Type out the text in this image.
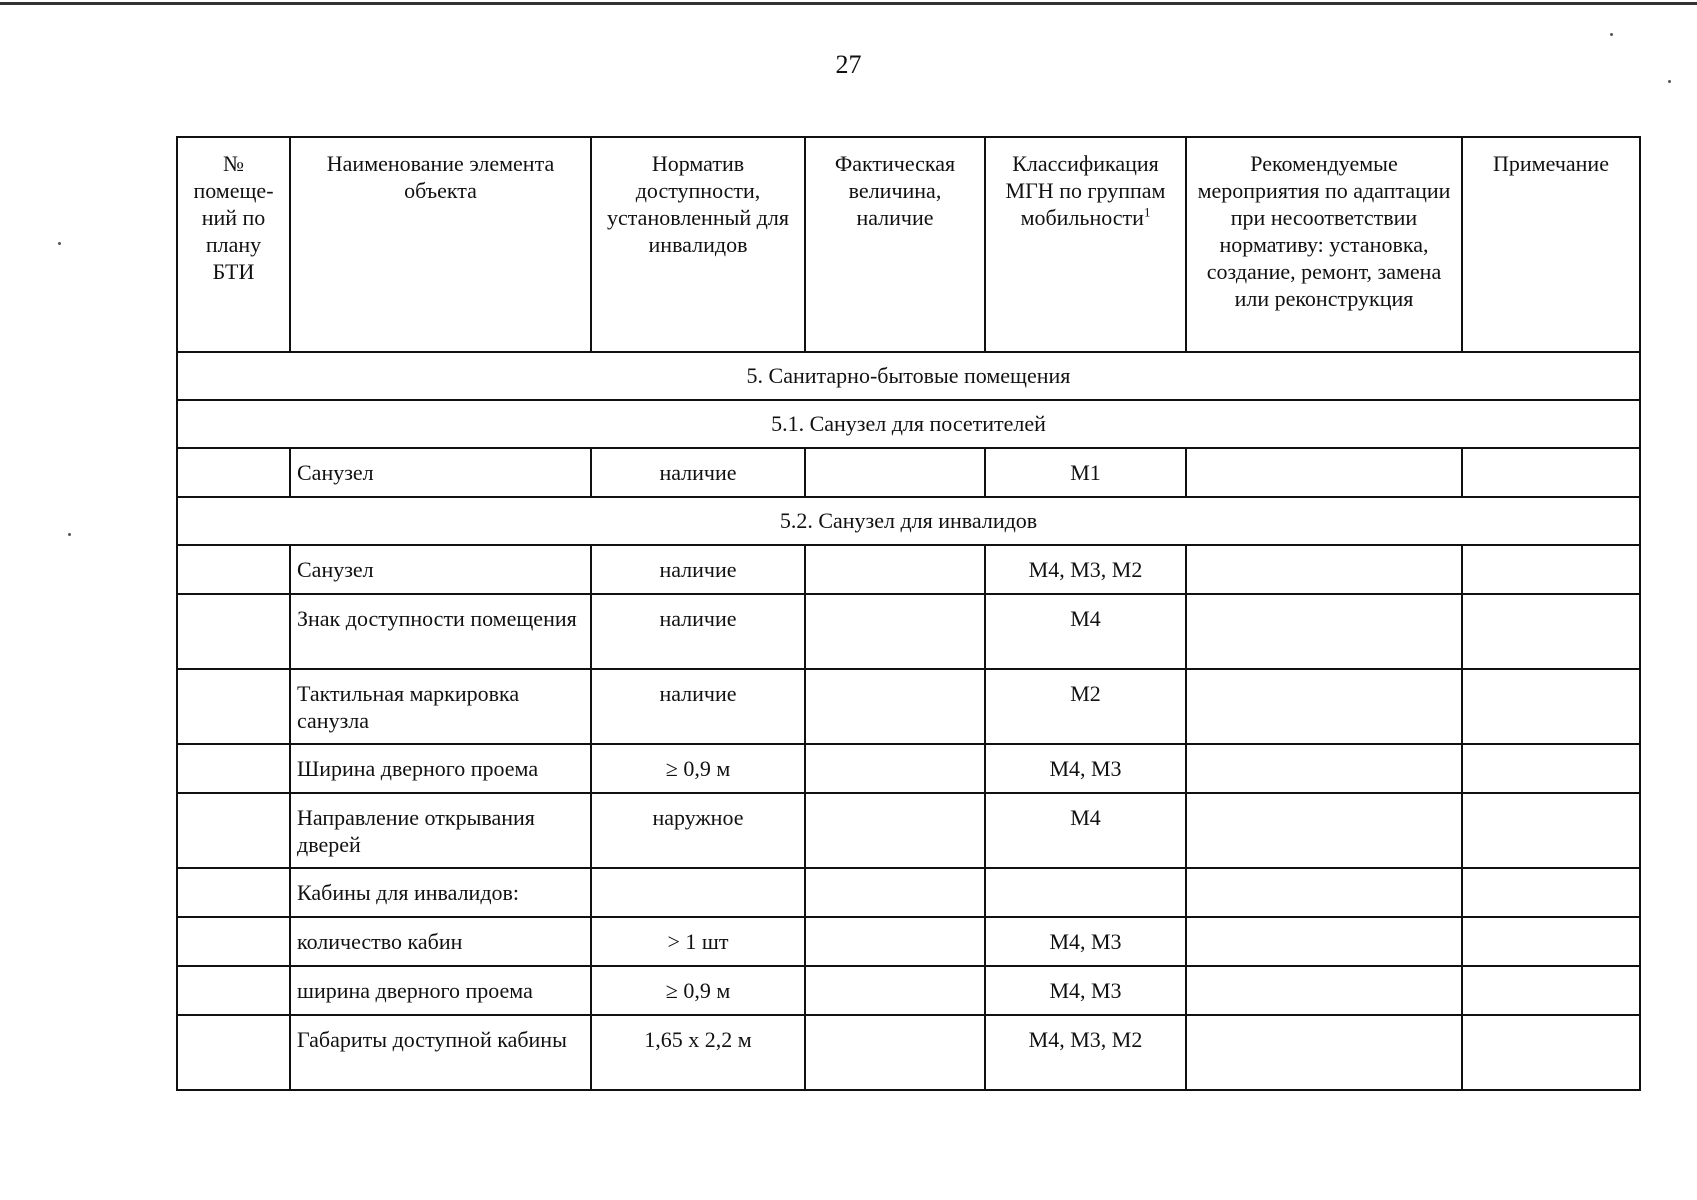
27
№ помеще-ний по плану БТИ	Наименование элемента объекта	Норматив доступности, установленный для инвалидов	Фактическая величина, наличие	Классификация МГН по группам мобильности$^1$	Рекомендуемые мероприятия по адаптации при несоответствии нормативу: установка, создание, ремонт, замена или реконструкция	Примечание
5. Санитарно-бытовые помещения						
5.1. Санузел для посетителей						
	Санузел	наличие		М1		
5.2. Санузел для инвалидов						
	Санузел	наличие		М4, М3, М2		
	Знак доступности помещения	наличие		М4		
	Тактильная маркировка санузла	наличие		М2		
	Ширина дверного проема	≥ 0,9 м		М4, М3		
	Направление открывания дверей	наружное		М4		
	Кабины для инвалидов:					
	количество кабин	> 1 шт		М4, М3		
	ширина дверного проема	≥ 0,9 м		М4, М3		
	Габариты доступной кабины	1,65 х 2,2 м		М4, М3, М2		
